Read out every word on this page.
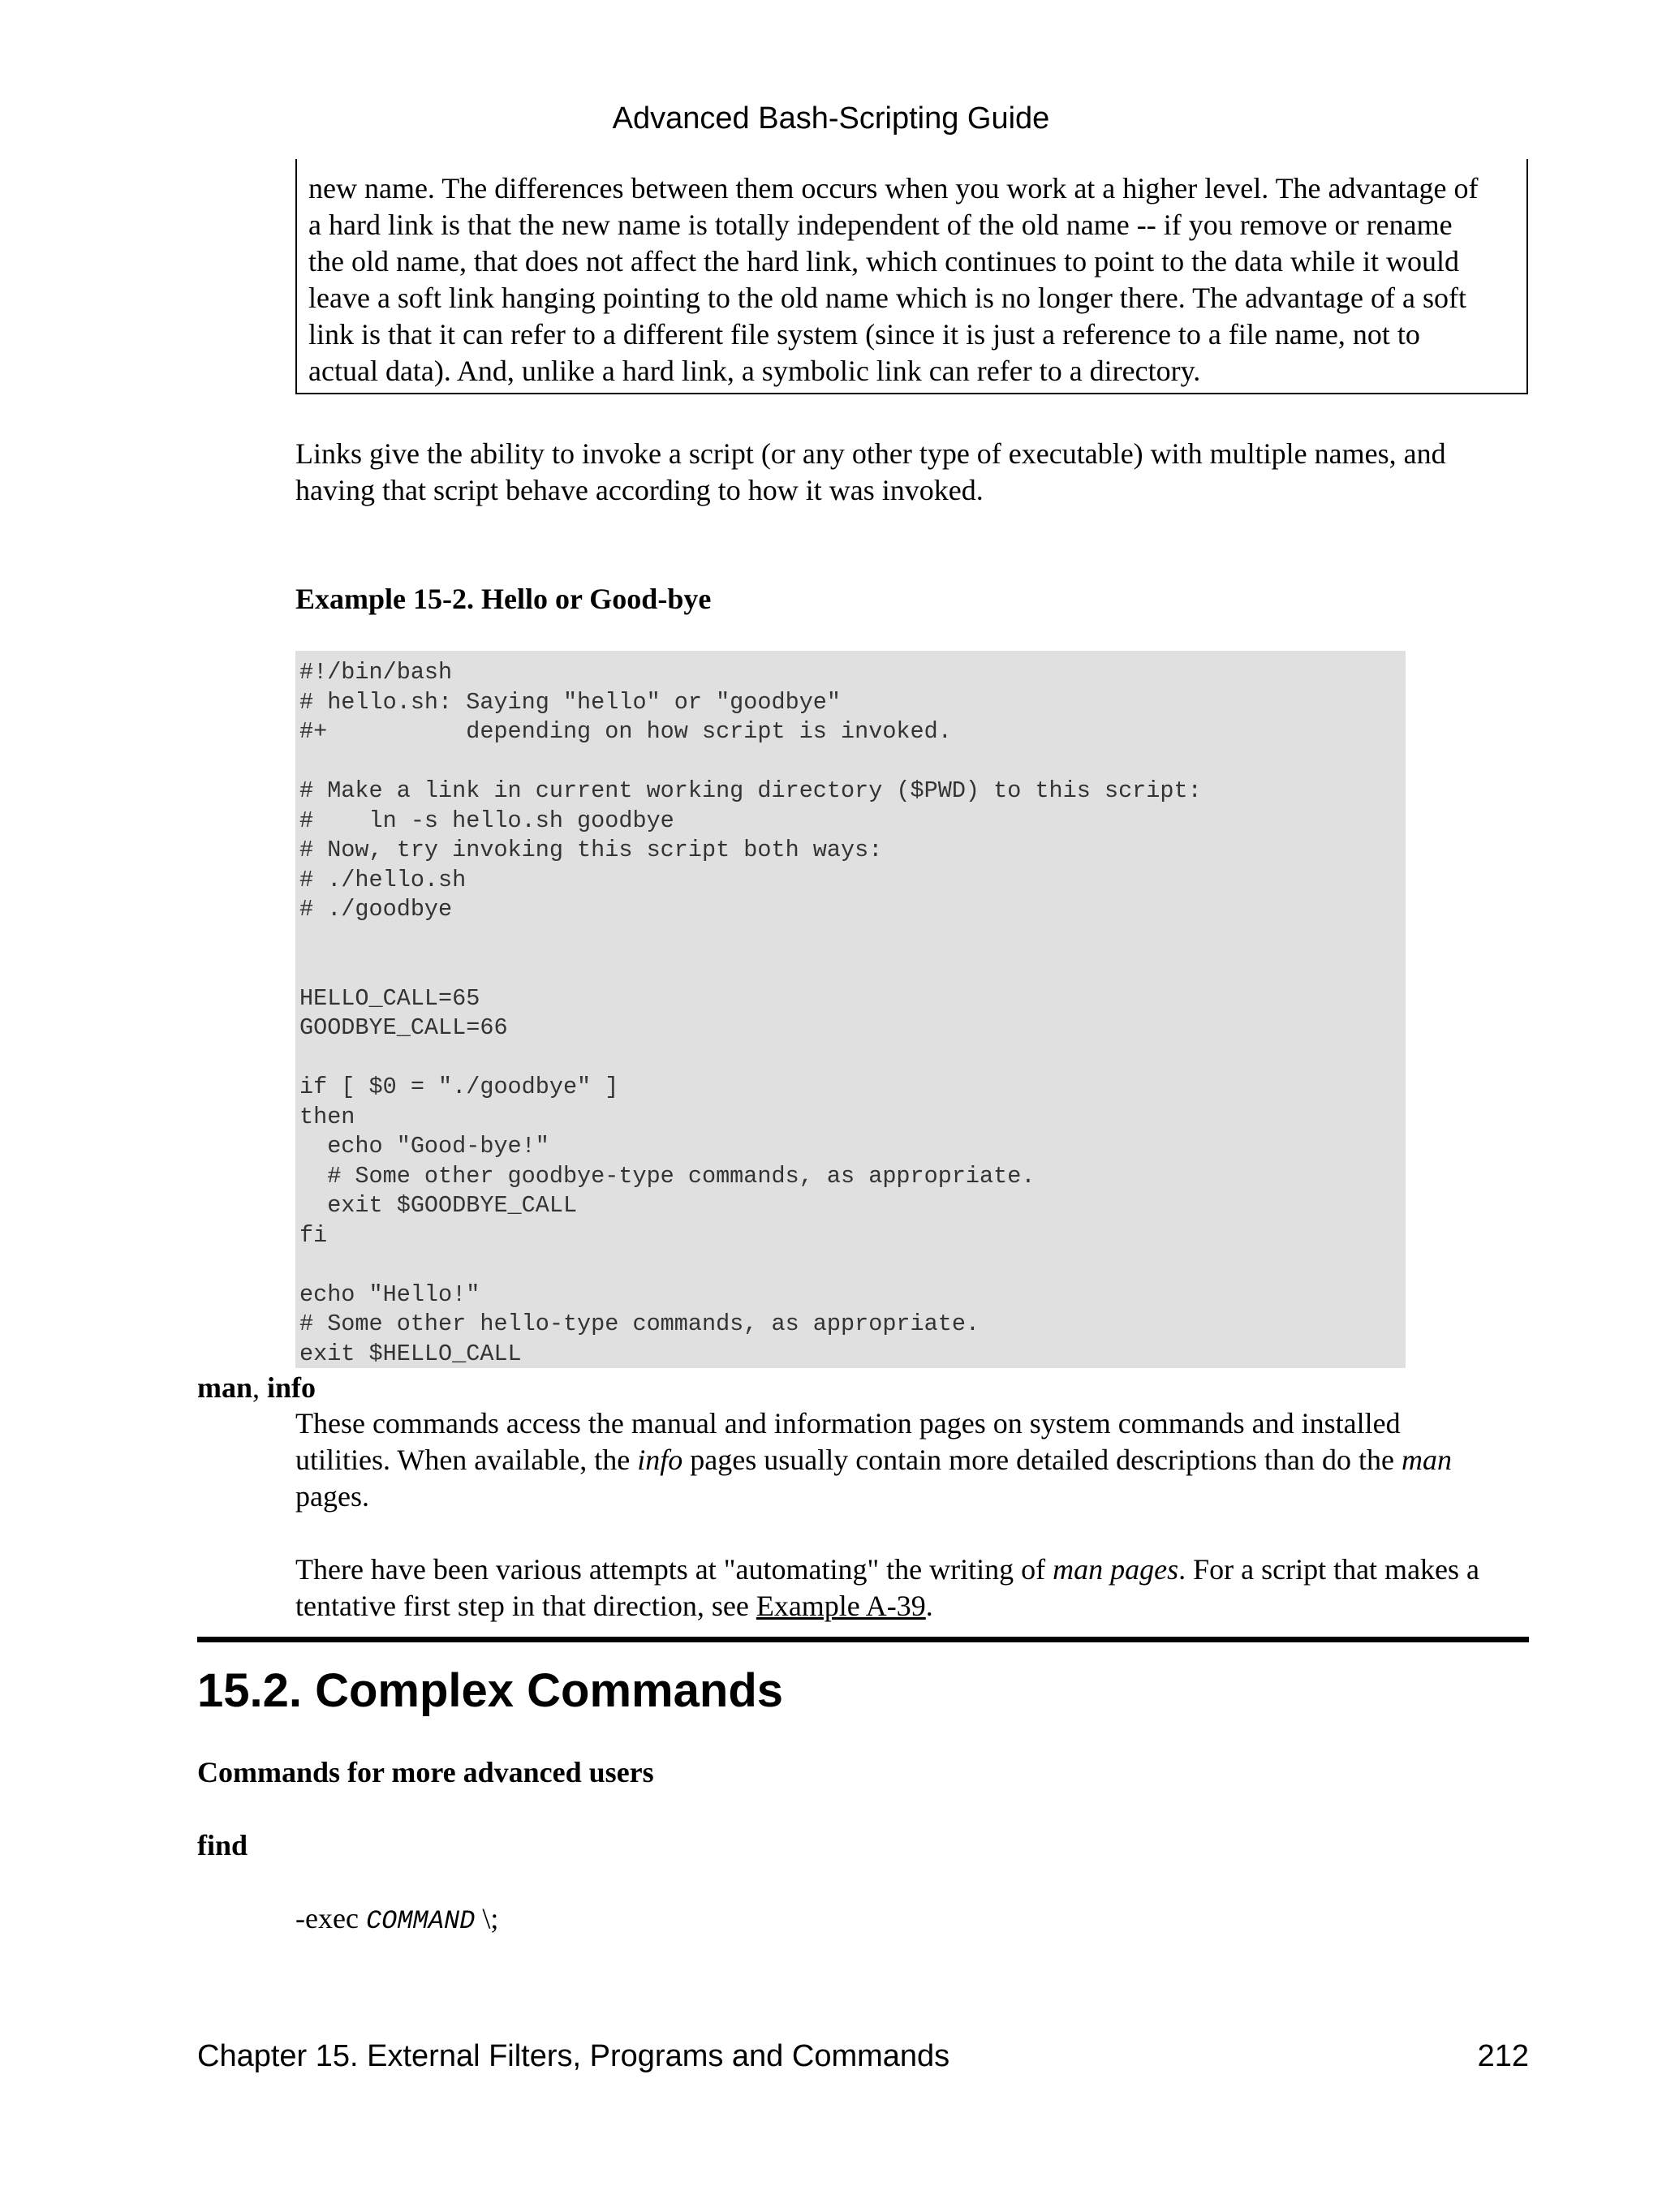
Advanced Bash-Scripting Guide

new name. The differences between them occurs when you work at a higher level. The advantage of

a hard link is that the new name is totally independent of the old name -- if you remove or rename

the old name, that does not affect the hard link, which continues to point to the data while it would

leave a soft link hanging pointing to the old name which is no longer there. The advantage of a soft

link is that it can refer to a different file system (since it is just a reference to a file name, not to

actual data). And, unlike a hard link, a symbolic link can refer to a directory.

Links give the ability to invoke a script (or any other type of executable) with multiple names, and
having that script behave according to how it was invoked.
Example 15-2. Hello or Good-bye
#!/bin/bash
# hello.sh: Saying "hello" or "goodbye"
#+          depending on how script is invoked.

# Make a link in current working directory ($PWD) to this script:
#    ln -s hello.sh goodbye
# Now, try invoking this script both ways:
# ./hello.sh
# ./goodbye

HELLO_CALL=65
GOODBYE_CALL=66

if [ $0 = "./goodbye" ]
then
echo "Good-bye!"
# Some other goodbye-type commands, as appropriate.
exit $GOODBYE_CALL
fi

echo "Hello!"
# Some other hello-type commands, as appropriate.
exit $HELLO_CALL
man, info
These commands access the manual and information pages on system commands and installed
utilities. When available, the info pages usually contain more detailed descriptions than do the man
pages.
There have been various attempts at "automating" the writing of man pages. For a script that makes a
tentative first step in that direction, see Example A-39.
15.2. Complex Commands
Commands for more advanced users
find
-exec COMMAND \;
Chapter 15. External Filters, Programs and Commands	212
